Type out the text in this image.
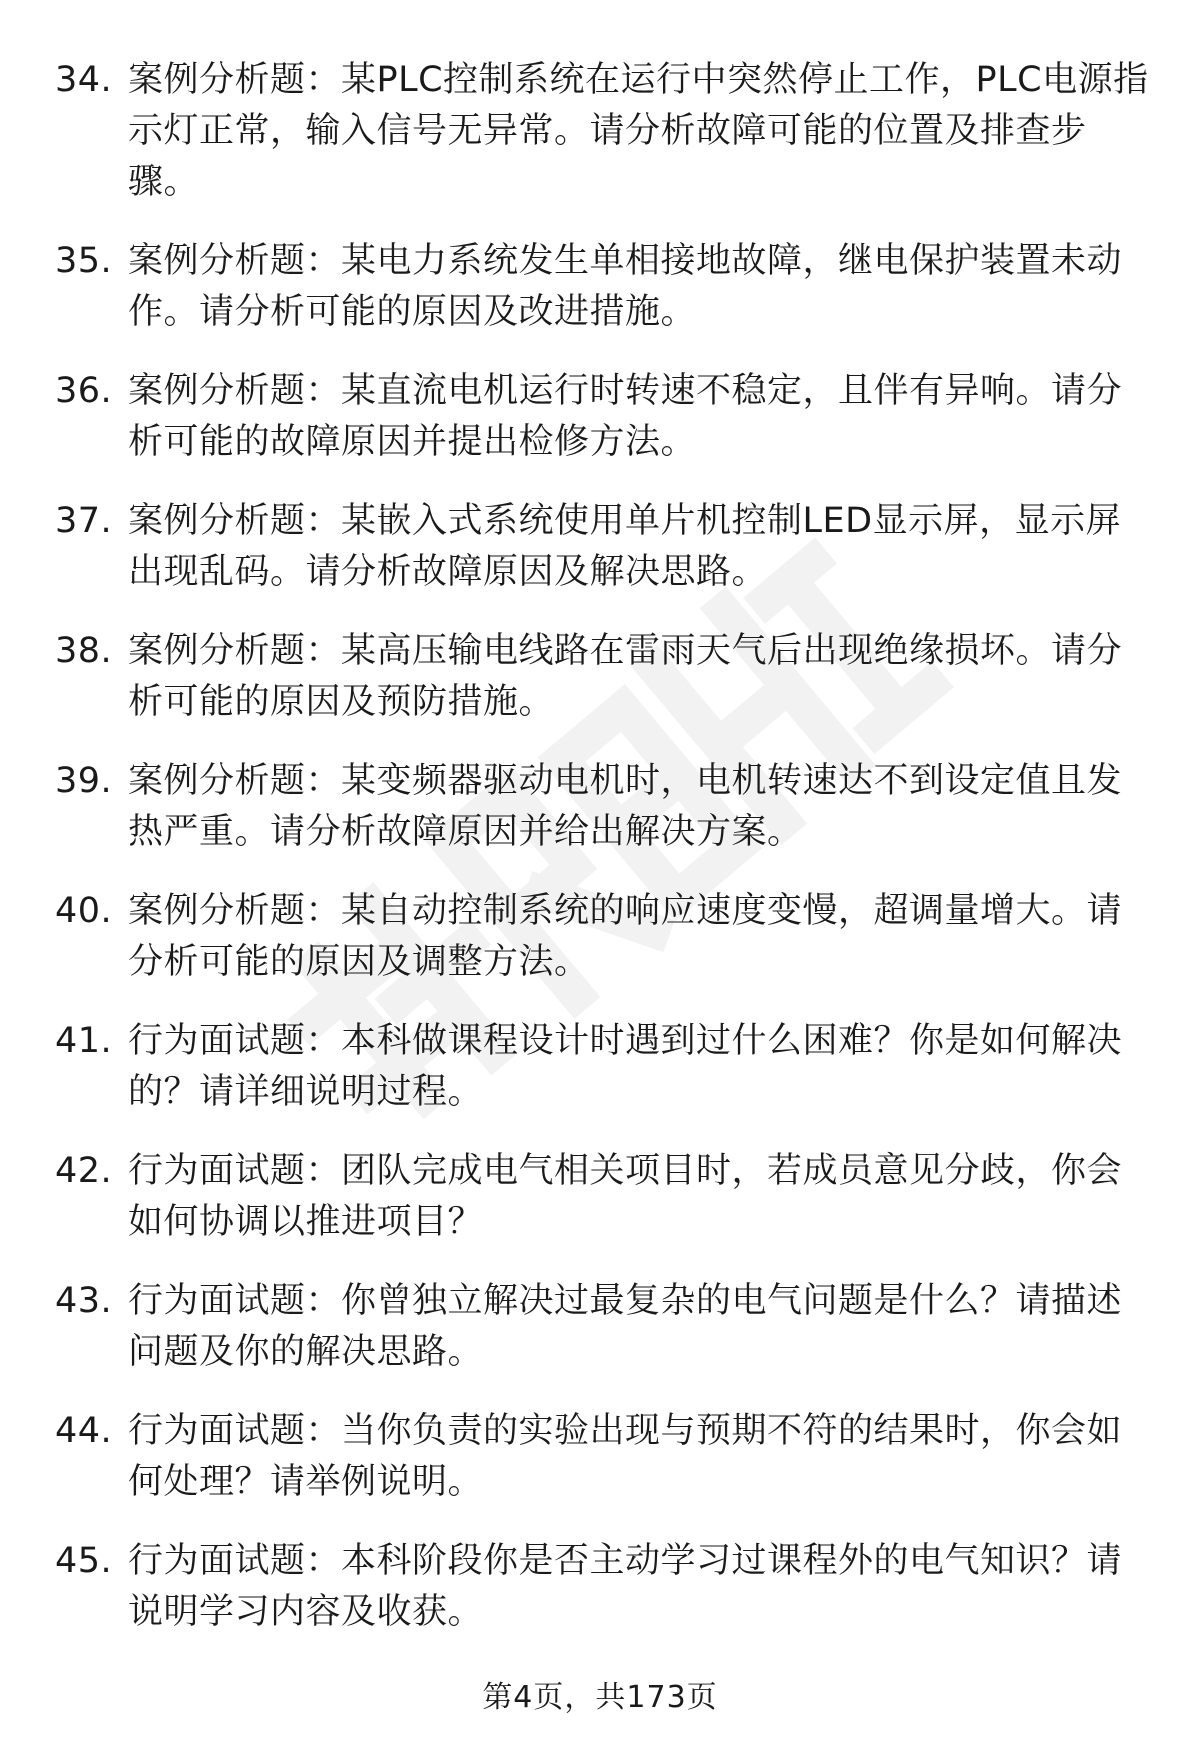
34. 案例分析题：某PLC控制系统在运行中突然停止工作，PLC电源指
示灯正常，输入信号无异常。请分析故障可能的位置及排查步
骤。
35. 案例分析题：某电力系统发生单相接地故障，继电保护装置未动
作。请分析可能的原因及改进措施。
36. 案例分析题：某直流电机运行时转速不稳定，且伴有异响。请分
析可能的故障原因并提出检修方法。
37. 案例分析题：某嵌入式系统使用单片机控制LED显示屏，显示屏
出现乱码。请分析故障原因及解决思路。
38. 案例分析题：某高压输电线路在雷雨天气后出现绝缘损坏。请分
析可能的原因及预防措施。
39. 案例分析题：某变频器驱动电机时，电机转速达不到设定值且发
热严重。请分析故障原因并给出解决方案。
40. 案例分析题：某自动控制系统的响应速度变慢，超调量增大。请
分析可能的原因及调整方法。
41. 行为面试题：本科做课程设计时遇到过什么困难？你是如何解决
的？请详细说明过程。
42. 行为面试题：团队完成电气相关项目时，若成员意见分歧，你会
如何协调以推进项目？
43. 行为面试题：你曾独立解决过最复杂的电气问题是什么？请描述
问题及你的解决思路。
44. 行为面试题：当你负责的实验出现与预期不符的结果时，你会如
何处理？请举例说明。
45. 行为面试题：本科阶段你是否主动学习过课程外的电气知识？请
说明学习内容及收获。
第4页，共173页
